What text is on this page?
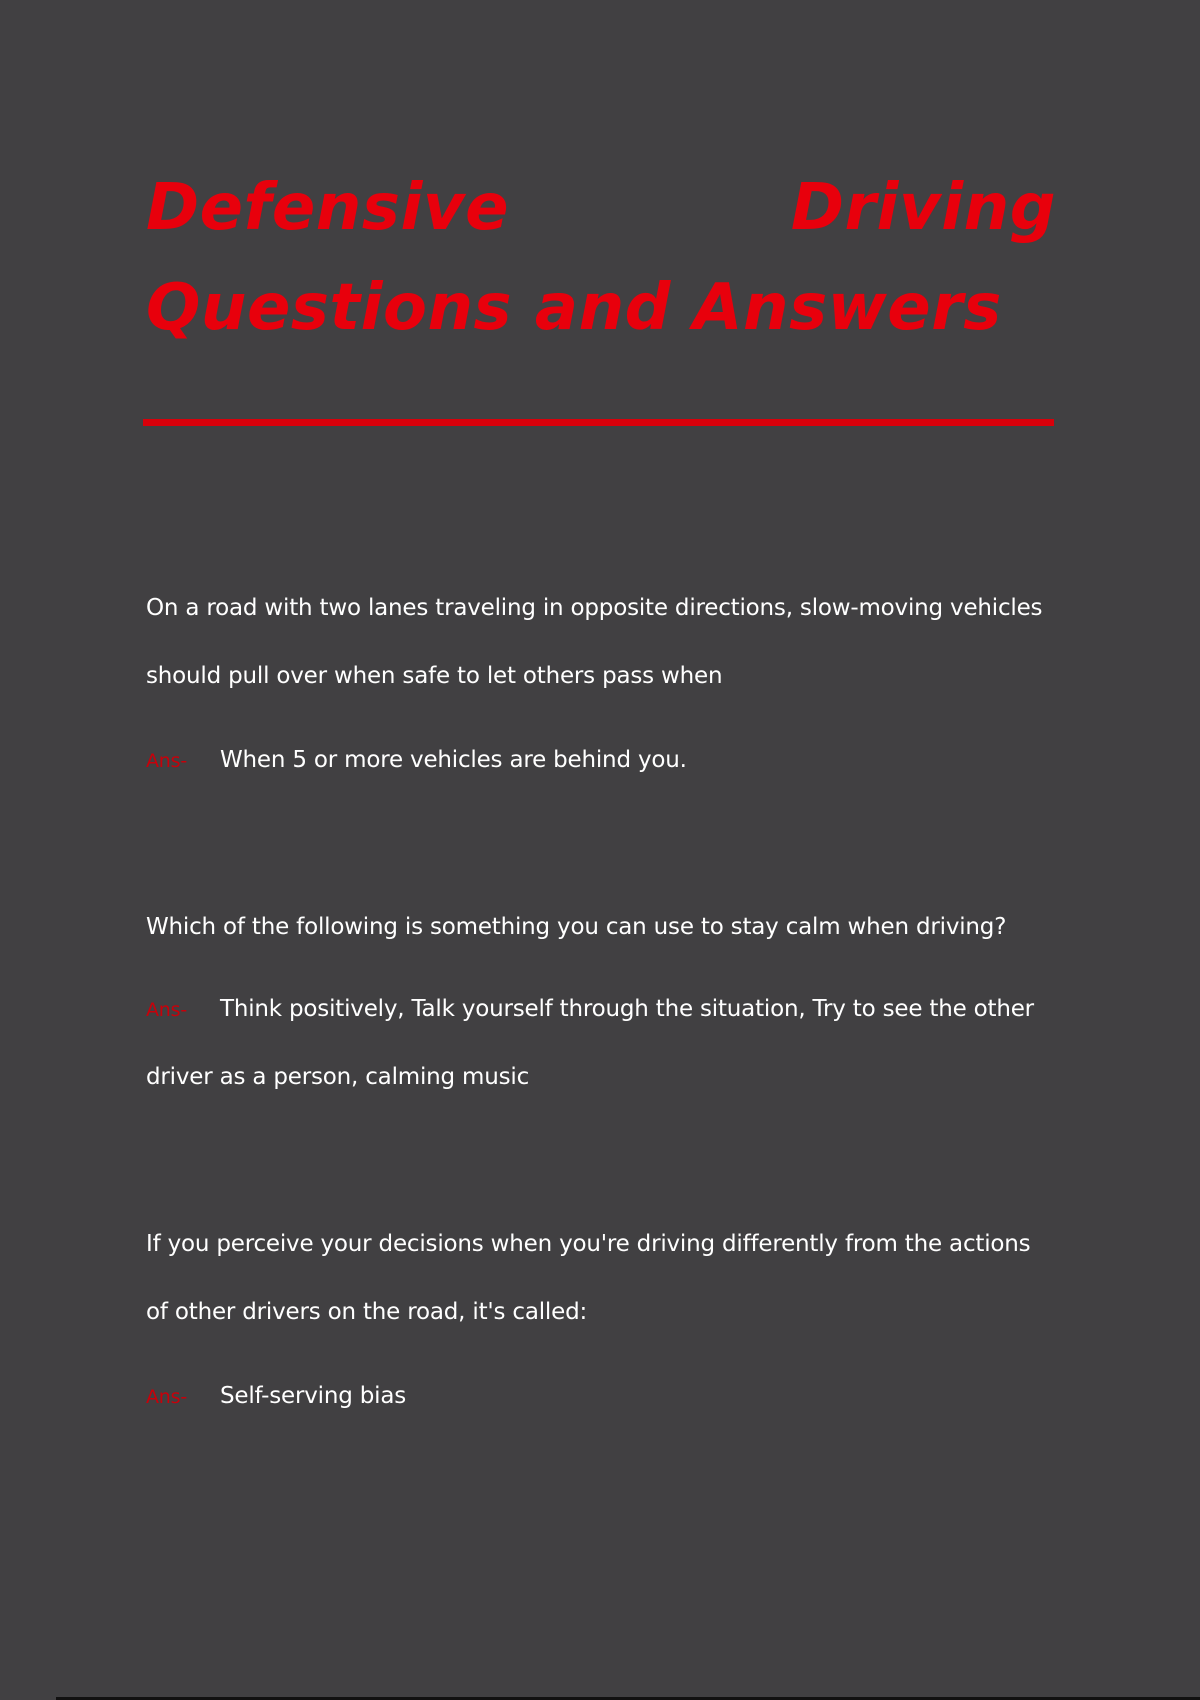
Defensive	Driving
Questions and Answers

On a road with two lanes traveling in opposite directions, slow-moving vehicles

should pull over when safe to let others pass when

Ans- When 5 or more vehicles are behind you.

Which of the following is something you can use to stay calm when driving?

Ans- Think positively, Talk yourself through the situation, Try to see the other

driver as a person, calming music

If you perceive your decisions when you're driving differently from the actions

of other drivers on the road, it's called:

Ans- Self-serving bias
